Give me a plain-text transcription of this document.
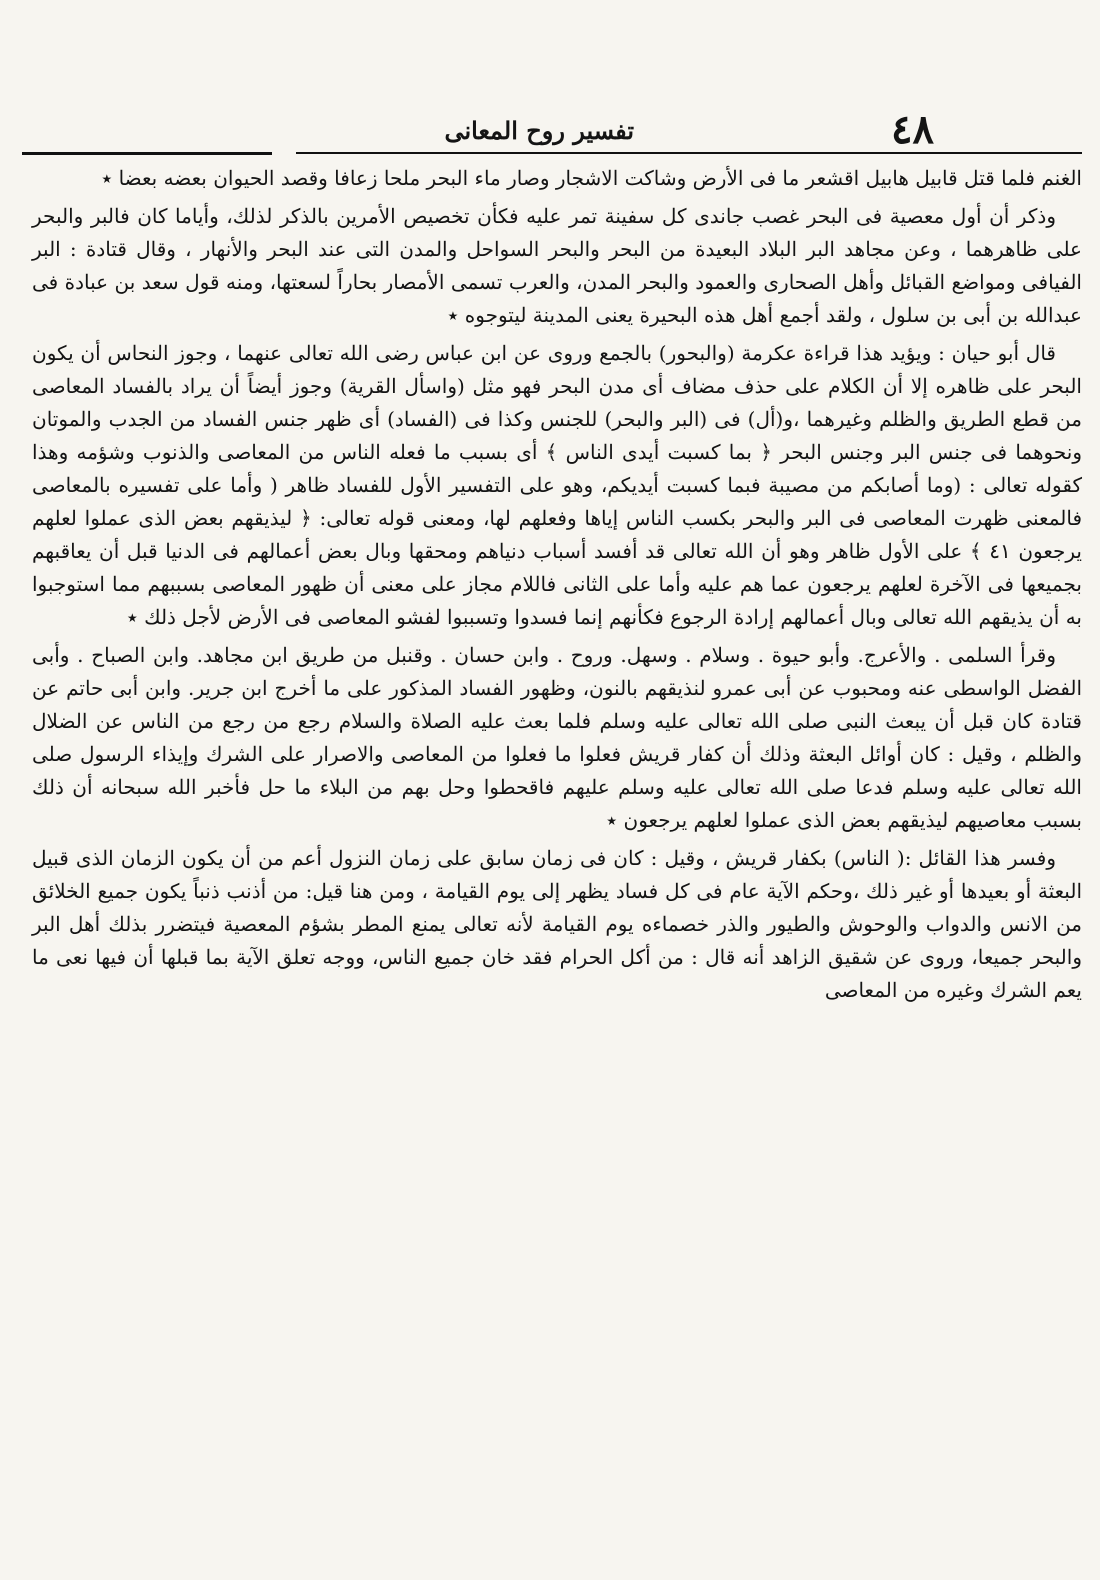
٤٨
تفسير روح المعانى

الغنم فلما قتل قابيل هابيل اقشعر ما فى الأرض وشاكت الاشجار وصار ماء البحر ملحا زعافا وقصد الحيوان بعضه بعضا ٭

وذكر أن أول معصية فى البحر غصب جاندى كل سفينة تمر عليه فكأن تخصيص الأمرين بالذكر لذلك، وأياما كان فالبر والبحر على ظاهرهما ، وعن مجاهد البر البلاد البعيدة من البحر والبحر السواحل والمدن التى عند البحر والأنهار ، وقال قتادة : البر الفيافى ومواضع القبائل وأهل الصحارى والعمود والبحر المدن، والعرب تسمى الأمصار بحاراً لسعتها، ومنه قول سعد بن عبادة فى عبدالله بن أبى بن سلول ، ولقد أجمع أهل هذه البحيرة يعنى المدينة ليتوجوه ٭

قال أبو حيان : ويؤيد هذا قراءة عكرمة (والبحور) بالجمع وروى عن ابن عباس رضى الله تعالى عنهما ، وجوز النحاس أن يكون البحر على ظاهره إلا أن الكلام على حذف مضاف أى مدن البحر فهو مثل (واسأل القرية) وجوز أيضاً أن يراد بالفساد المعاصى من قطع الطريق والظلم وغيرهما ،و(أل) فى (البر والبحر) للجنس وكذا فى (الفساد) أى ظهر جنس الفساد من الجدب والموتان ونحوهما فى جنس البر وجنس البحر ﴿ بما كسبت أيدى الناس ﴾ أى بسبب ما فعله الناس من المعاصى والذنوب وشؤمه وهذا كقوله تعالى : (وما أصابكم من مصيبة فبما كسبت أيديكم، وهو على التفسير الأول للفساد ظاهر ( وأما على تفسيره بالمعاصى فالمعنى ظهرت المعاصى فى البر والبحر بكسب الناس إياها وفعلهم لها، ومعنى قوله تعالى: ﴿ ليذيقهم بعض الذى عملوا لعلهم يرجعون ٤١ ﴾ على الأول ظاهر وهو أن الله تعالى قد أفسد أسباب دنياهم ومحقها وبال بعض أعمالهم فى الدنيا قبل أن يعاقبهم بجميعها فى الآخرة لعلهم يرجعون عما هم عليه وأما على الثانى فاللام مجاز على معنى أن ظهور المعاصى بسببهم مما استوجبوا به أن يذيقهم الله تعالى وبال أعمالهم إرادة الرجوع فكأنهم إنما فسدوا وتسببوا لفشو المعاصى فى الأرض لأجل ذلك ٭

وقرأ السلمى . والأعرج. وأبو حيوة . وسلام . وسهل. وروح . وابن حسان . وقنبل من طريق ابن مجاهد. وابن الصباح . وأبى الفضل الواسطى عنه ومحبوب عن أبى عمرو لنذيقهم بالنون، وظهور الفساد المذكور على ما أخرج ابن جرير. وابن أبى حاتم عن قتادة كان قبل أن يبعث النبى صلى الله تعالى عليه وسلم فلما بعث عليه الصلاة والسلام رجع من رجع من الناس عن الضلال والظلم ، وقيل : كان أوائل البعثة وذلك أن كفار قريش فعلوا ما فعلوا من المعاصى والاصرار على الشرك وإيذاء الرسول صلى الله تعالى عليه وسلم فدعا صلى الله تعالى عليه وسلم عليهم فاقحطوا وحل بهم من البلاء ما حل فأخبر الله سبحانه أن ذلك بسبب معاصيهم ليذيقهم بعض الذى عملوا لعلهم يرجعون ٭

وفسر هذا القائل :( الناس) بكفار قريش ، وقيل : كان فى زمان سابق على زمان النزول أعم من أن يكون الزمان الذى قبيل البعثة أو بعيدها أو غير ذلك ،وحكم الآية عام فى كل فساد يظهر إلى يوم القيامة ، ومن هنا قيل: من أذنب ذنباً يكون جميع الخلائق من الانس والدواب والوحوش والطيور والذر خصماءه يوم القيامة لأنه تعالى يمنع المطر بشؤم المعصية فيتضرر بذلك أهل البر والبحر جميعا، وروى عن شقيق الزاهد أنه قال : من أكل الحرام فقد خان جميع الناس، ووجه تعلق الآية بما قبلها أن فيها نعى ما يعم الشرك وغيره من المعاصى
